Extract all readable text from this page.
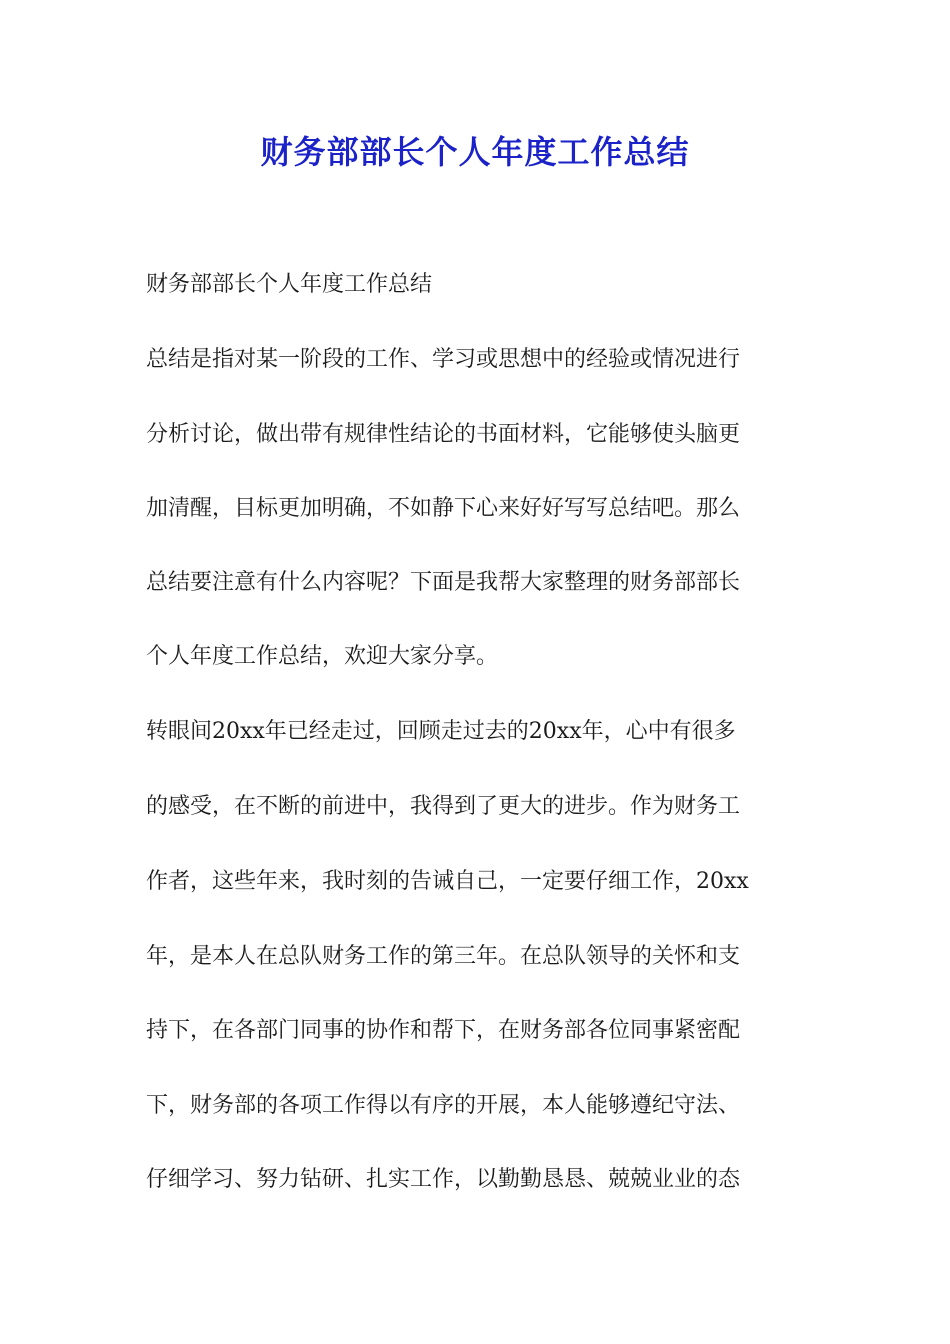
财务部部长个人年度工作总结
财务部部长个人年度工作总结
总结是指对某一阶段的工作、学习或思想中的经验或情况进行
分析讨论，做出带有规律性结论的书面材料，它能够使头脑更
加清醒，目标更加明确，不如静下心来好好写写总结吧。那么
总结要注意有什么内容呢？下面是我帮大家整理的财务部部长
个人年度工作总结，欢迎大家分享。
转眼间20xx年已经走过，回顾走过去的20xx年，心中有很多
的感受，在不断的前进中，我得到了更大的进步。作为财务工
作者，这些年来，我时刻的告诫自己，一定要仔细工作，20xx
年，是本人在总队财务工作的第三年。在总队领导的关怀和支
持下，在各部门同事的协作和帮下，在财务部各位同事紧密配
下，财务部的各项工作得以有序的开展，本人能够遵纪守法、
仔细学习、努力钻研、扎实工作，以勤勤恳恳、兢兢业业的态
